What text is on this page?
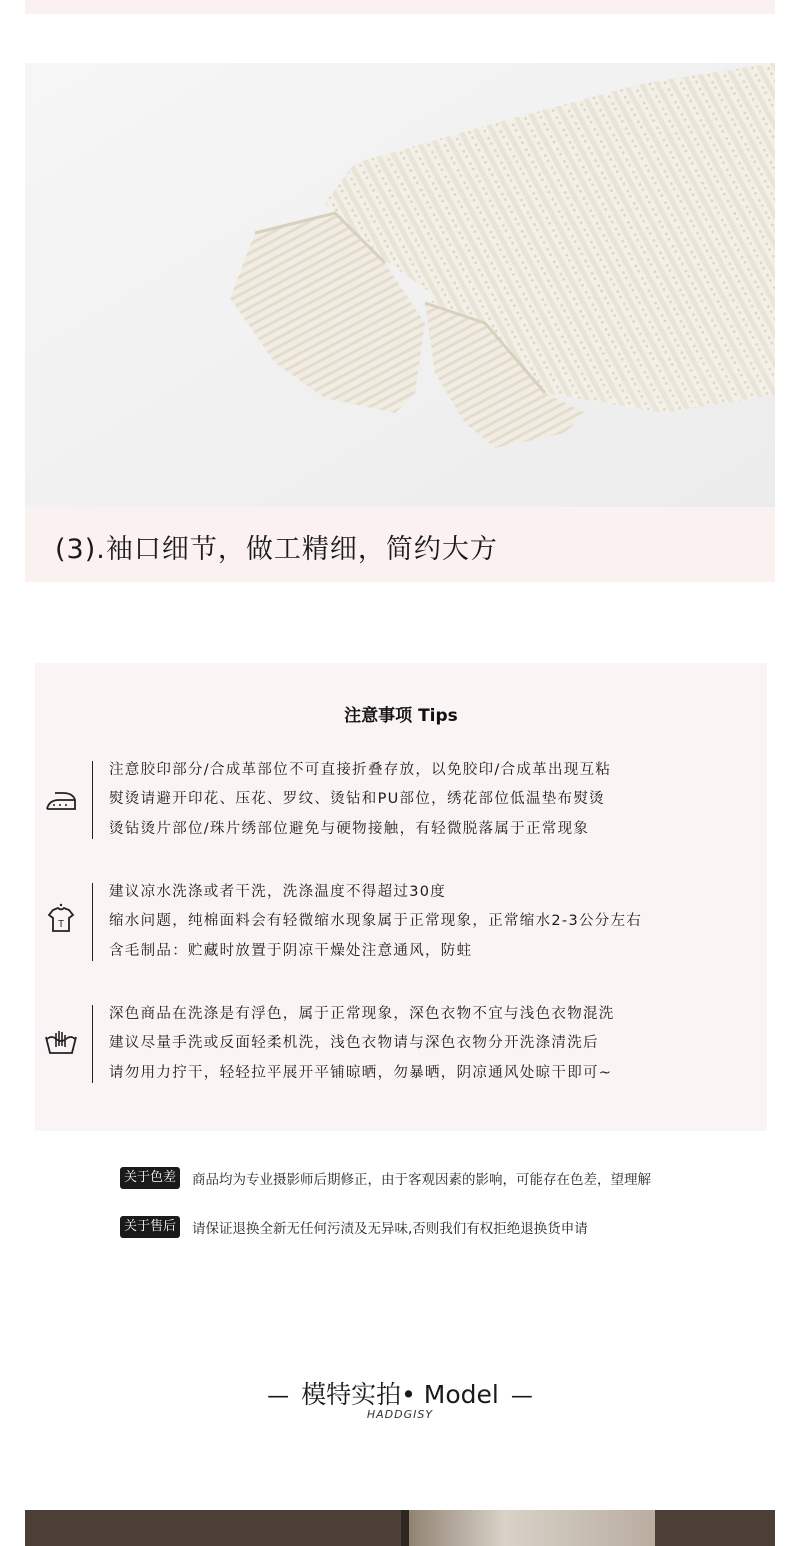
(3).袖口细节，做工精细，简约大方
注意事项 Tips
注意胶印部分/合成革部位不可直接折叠存放，以免胶印/合成革出现互粘
熨烫请避开印花、压花、罗纹、烫钻和PU部位，绣花部位低温垫布熨烫
烫钻烫片部位/珠片绣部位避免与硬物接触，有轻微脱落属于正常现象
T
建议凉水洗涤或者干洗，洗涤温度不得超过30度
缩水问题，纯棉面料会有轻微缩水现象属于正常现象，正常缩水2-3公分左右
含毛制品：贮藏时放置于阴凉干燥处注意通风，防蛀
深色商品在洗涤是有浮色，属于正常现象，深色衣物不宜与浅色衣物混洗
建议尽量手洗或反面轻柔机洗，浅色衣物请与深色衣物分开洗涤清洗后
请勿用力拧干，轻轻拉平展开平铺晾晒，勿暴晒，阴凉通风处晾干即可~
关于色差 商品均为专业摄影师后期修正，由于客观因素的影响，可能存在色差，望理解
关于售后 请保证退换全新无任何污渍及无异味,否则我们有权拒绝退换货申请
— 模特实拍• Model —
HADDGISY
